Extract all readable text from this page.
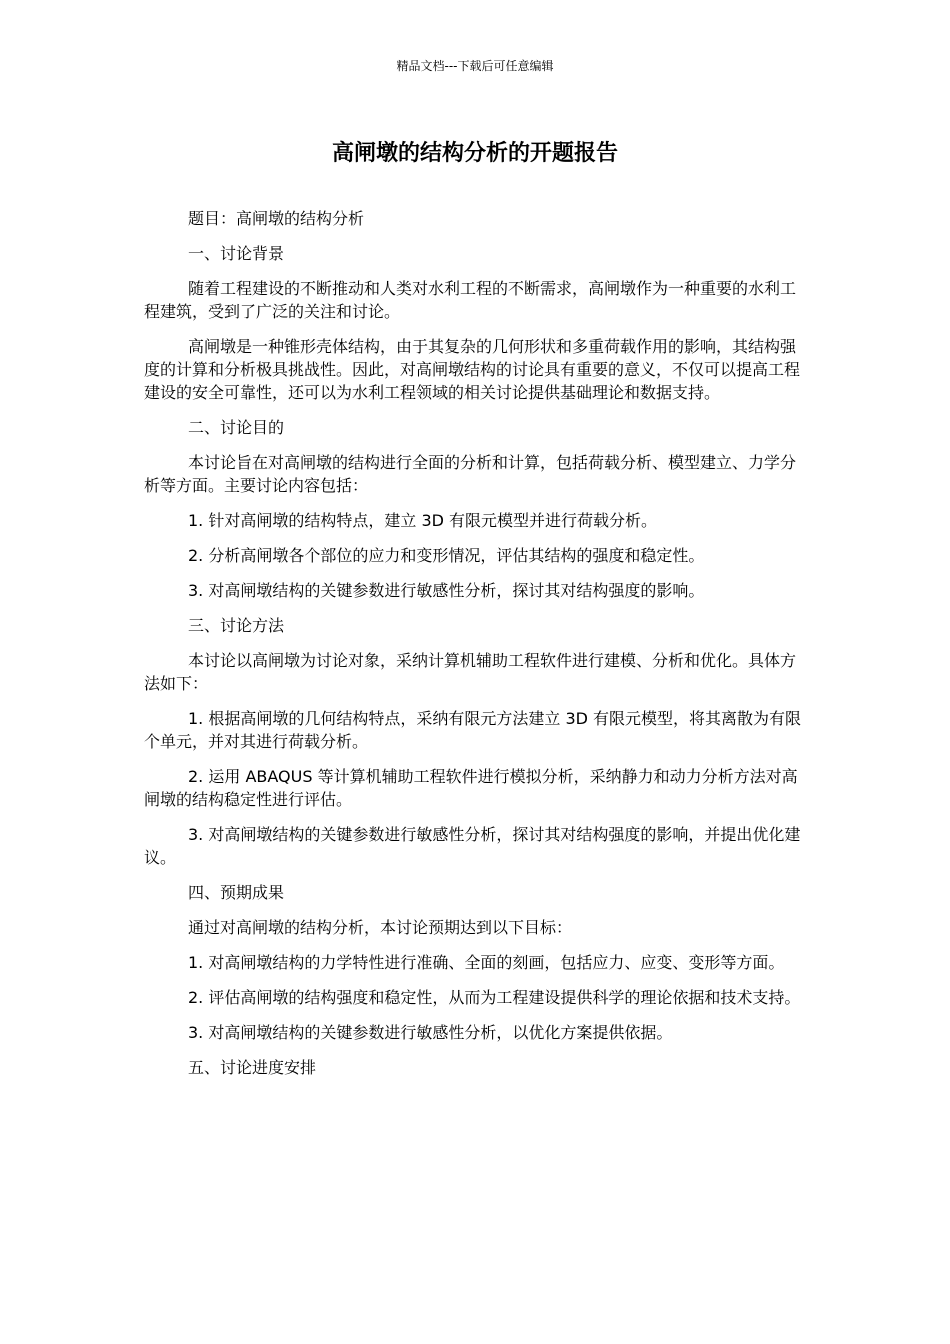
精品文档---下载后可任意编辑
高闸墩的结构分析的开题报告

题目：高闸墩的结构分析

一、讨论背景

随着工程建设的不断推动和人类对水利工程的不断需求，高闸墩作为一种重要的水利工程建筑，受到了广泛的关注和讨论。

高闸墩是一种锥形壳体结构，由于其复杂的几何形状和多重荷载作用的影响，其结构强度的计算和分析极具挑战性。因此，对高闸墩结构的讨论具有重要的意义，不仅可以提高工程建设的安全可靠性，还可以为水利工程领域的相关讨论提供基础理论和数据支持。

二、讨论目的

本讨论旨在对高闸墩的结构进行全面的分析和计算，包括荷载分析、模型建立、力学分析等方面。主要讨论内容包括：

1. 针对高闸墩的结构特点，建立 3D 有限元模型并进行荷载分析。

2. 分析高闸墩各个部位的应力和变形情况，评估其结构的强度和稳定性。

3. 对高闸墩结构的关键参数进行敏感性分析，探讨其对结构强度的影响。

三、讨论方法

本讨论以高闸墩为讨论对象，采纳计算机辅助工程软件进行建模、分析和优化。具体方法如下：

1. 根据高闸墩的几何结构特点，采纳有限元方法建立 3D 有限元模型，将其离散为有限个单元，并对其进行荷载分析。

2. 运用 ABAQUS 等计算机辅助工程软件进行模拟分析，采纳静力和动力分析方法对高闸墩的结构稳定性进行评估。

3. 对高闸墩结构的关键参数进行敏感性分析，探讨其对结构强度的影响，并提出优化建议。

四、预期成果

通过对高闸墩的结构分析，本讨论预期达到以下目标：

1. 对高闸墩结构的力学特性进行准确、全面的刻画，包括应力、应变、变形等方面。

2. 评估高闸墩的结构强度和稳定性，从而为工程建设提供科学的理论依据和技术支持。

3. 对高闸墩结构的关键参数进行敏感性分析，以优化方案提供依据。

五、讨论进度安排
